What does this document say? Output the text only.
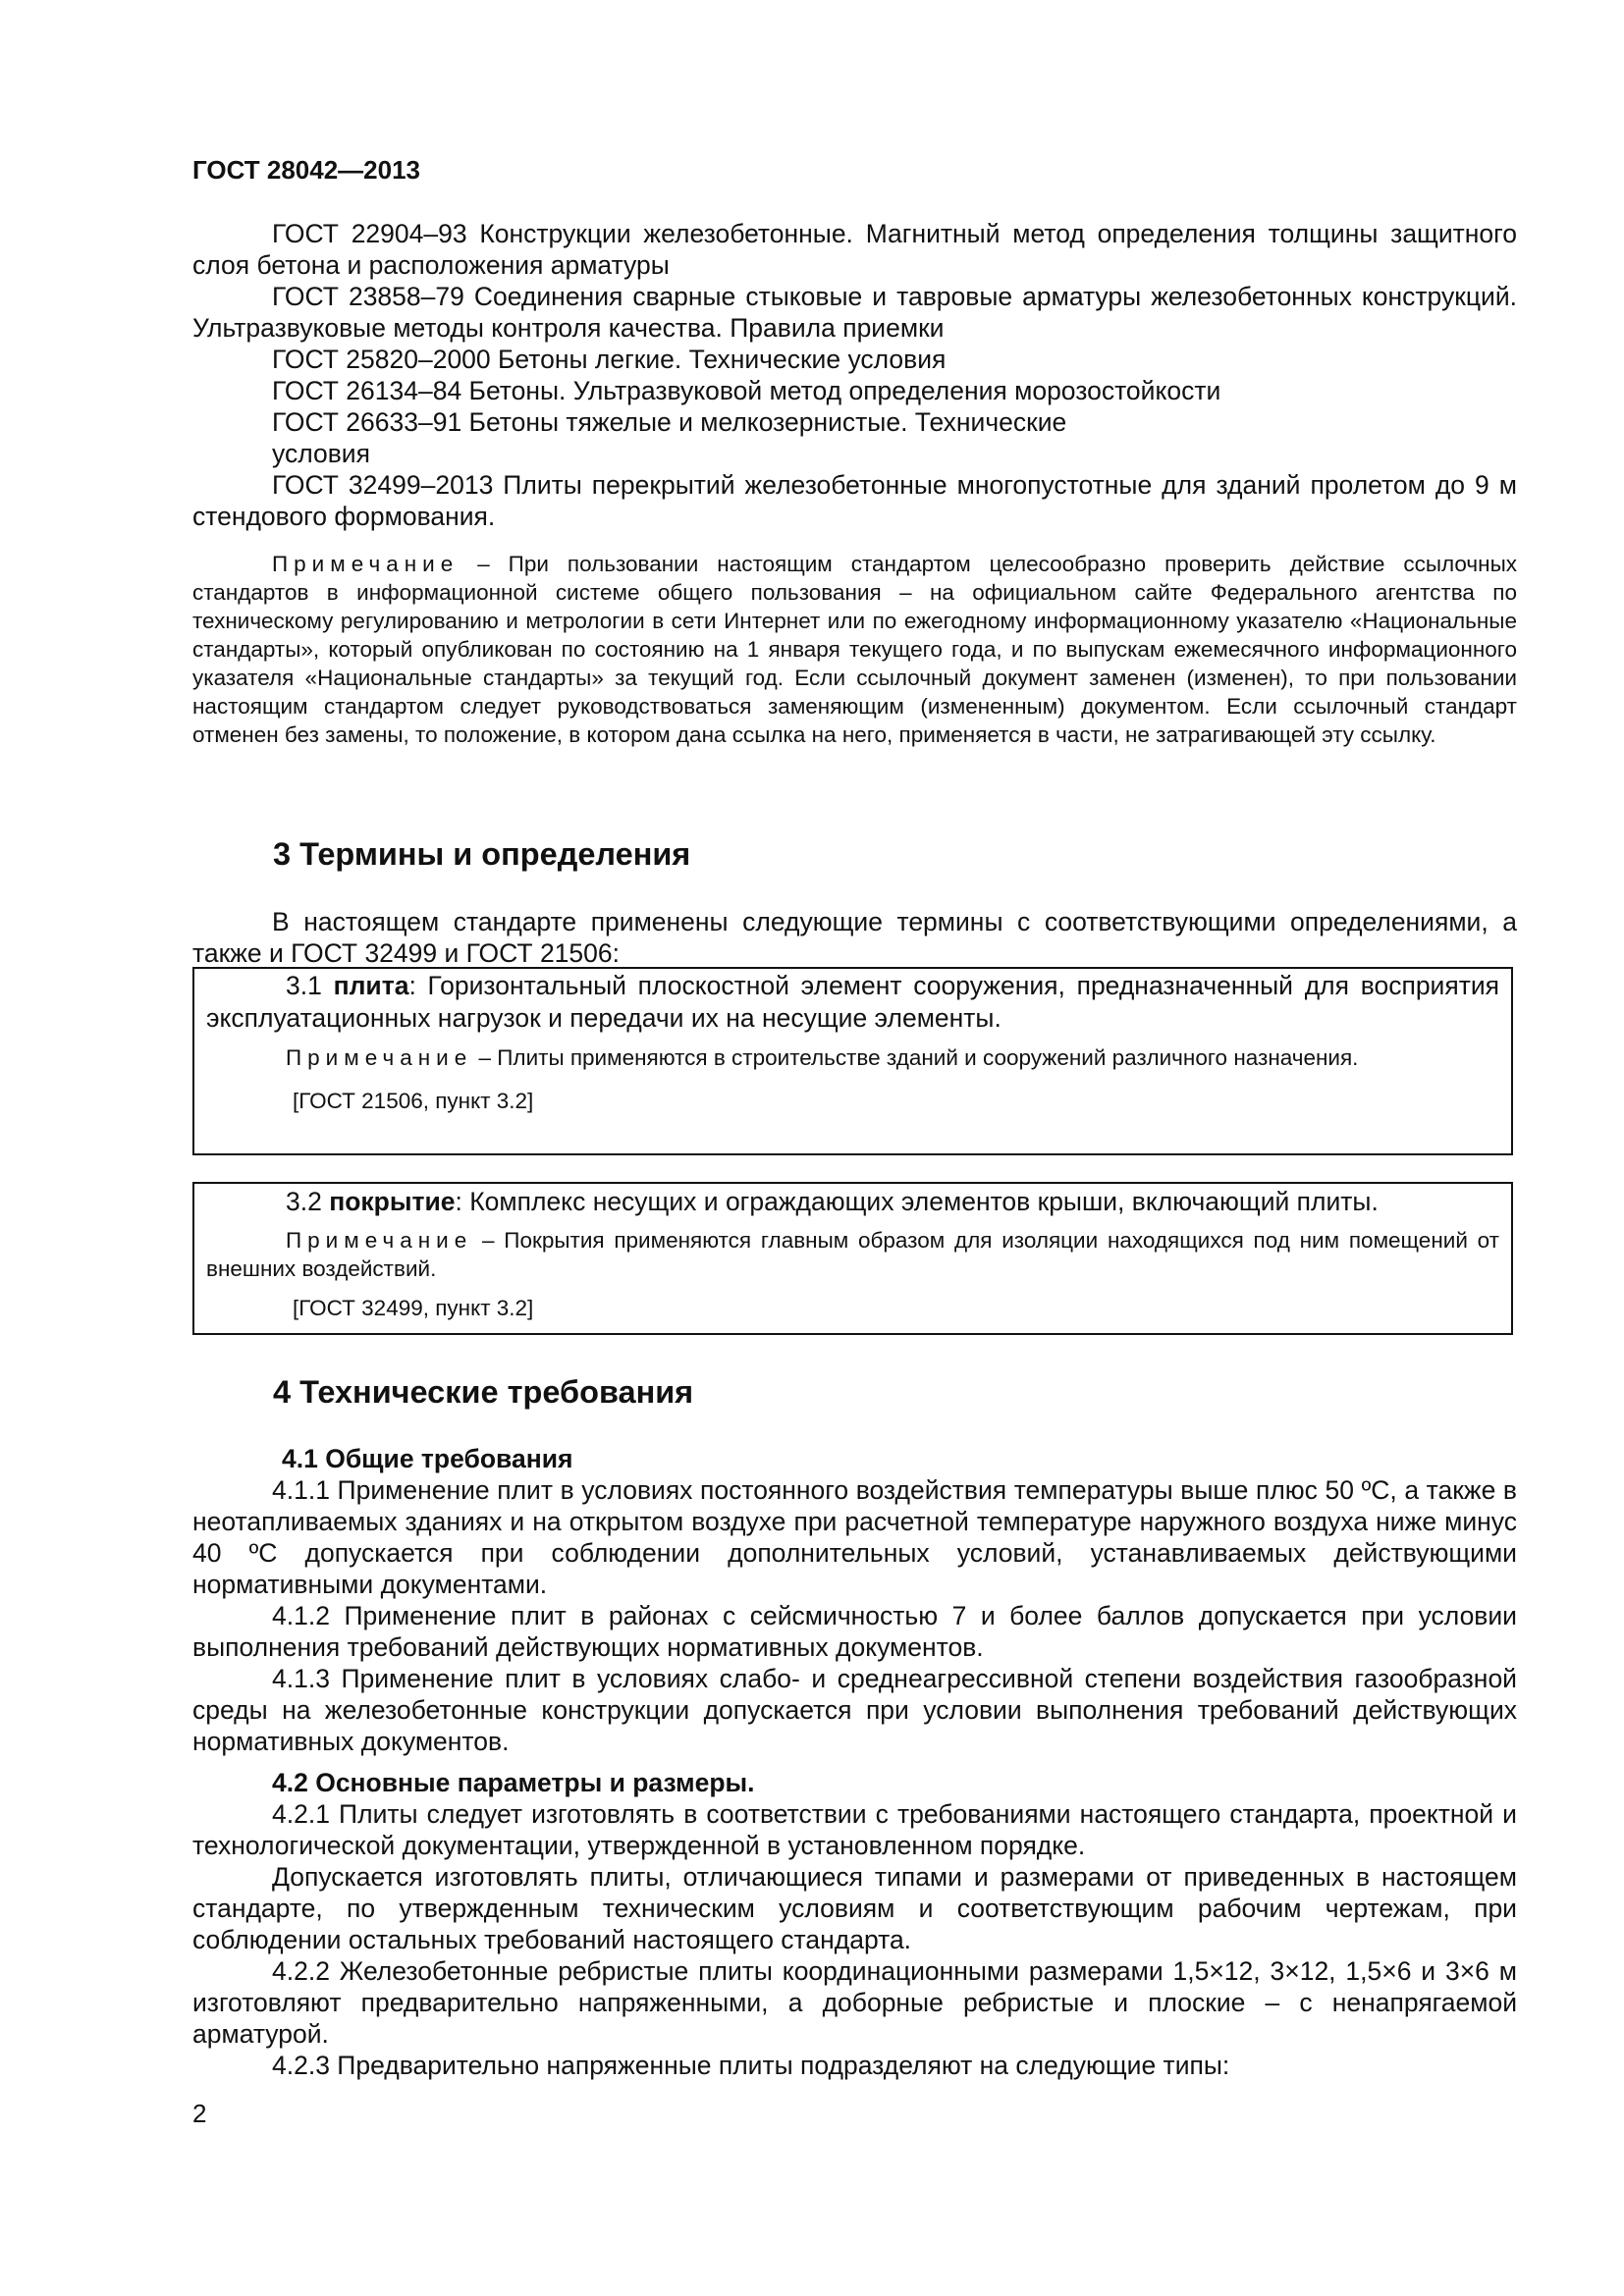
ГОСТ 28042—2013

ГОСТ 22904–93 Конструкции железобетонные. Магнитный метод определения толщины защитного слоя бетона и расположения арматуры

ГОСТ 23858–79 Соединения сварные стыковые и тавровые арматуры железобетонных конструкций. Ультразвуковые методы контроля качества. Правила приемки

ГОСТ 25820–2000 Бетоны легкие. Технические условия

ГОСТ 26134–84 Бетоны. Ультразвуковой метод определения морозостойкости

ГОСТ 26633–91 Бетоны тяжелые и мелкозернистые. Технические

условия

ГОСТ 32499–2013 Плиты перекрытий железобетонные многопустотные для зданий пролетом до 9 м стендового формования.

Примечание – При пользовании настоящим стандартом целесообразно проверить действие ссылочных стандартов в информационной системе общего пользования – на официальном сайте Федерального агентства по техническому регулированию и метрологии в сети Интернет или по ежегодному информационному указателю «Национальные стандарты», который опубликован по состоянию на 1 января текущего года, и по выпускам ежемесячного информационного указателя «Национальные стандарты» за текущий год. Если ссылочный документ заменен (изменен), то при пользовании настоящим стандартом следует руководствоваться заменяющим (измененным) документом. Если ссылочный стандарт отменен без замены, то положение, в котором дана ссылка на него, применяется в части, не затрагивающей эту ссылку.

3 Термины и определения

В настоящем стандарте применены следующие термины с соответствующими определениями, а также и ГОСТ 32499 и ГОСТ 21506:

3.1 плита: Горизонтальный плоскостной элемент сооружения, предназначенный для восприятия эксплуатационных нагрузок и передачи их на несущие элементы.

Примечание – Плиты применяются в строительстве зданий и сооружений различного назначения.

[ГОСТ 21506, пункт 3.2]

3.2 покрытие: Комплекс несущих и ограждающих элементов крыши, включающий плиты.

Примечание – Покрытия применяются главным образом для изоляции находящихся под ним помещений от внешних воздействий.

[ГОСТ 32499, пункт 3.2]

4 Технические требования

4.1 Общие требования

4.1.1 Применение плит в условиях постоянного воздействия температуры выше плюс 50 ºС, а также в неотапливаемых зданиях и на открытом воздухе при расчетной температуре наружного воздуха ниже минус 40 ºС допускается при соблюдении дополнительных условий, устанавливаемых действующими нормативными документами.

4.1.2 Применение плит в районах с сейсмичностью 7 и более баллов допускается при условии выполнения требований действующих нормативных документов.

4.1.3 Применение плит в условиях слабо- и среднеагрессивной степени воздействия газообразной среды на железобетонные конструкции допускается при условии выполнения требований действующих нормативных документов.

4.2 Основные параметры и размеры.

4.2.1 Плиты следует изготовлять в соответствии с требованиями настоящего стандарта, проектной и технологической документации, утвержденной в установленном порядке.

Допускается изготовлять плиты, отличающиеся типами и размерами от приведенных в настоящем стандарте, по утвержденным техническим условиям и соответствующим рабочим чертежам, при соблюдении остальных требований настоящего стандарта.

4.2.2 Железобетонные ребристые плиты координационными размерами 1,5×12, 3×12, 1,5×6 и 3×6 м изготовляют предварительно напряженными, а доборные ребристые и плоские – с ненапрягаемой арматурой.

4.2.3 Предварительно напряженные плиты подразделяют на следующие типы:

2
